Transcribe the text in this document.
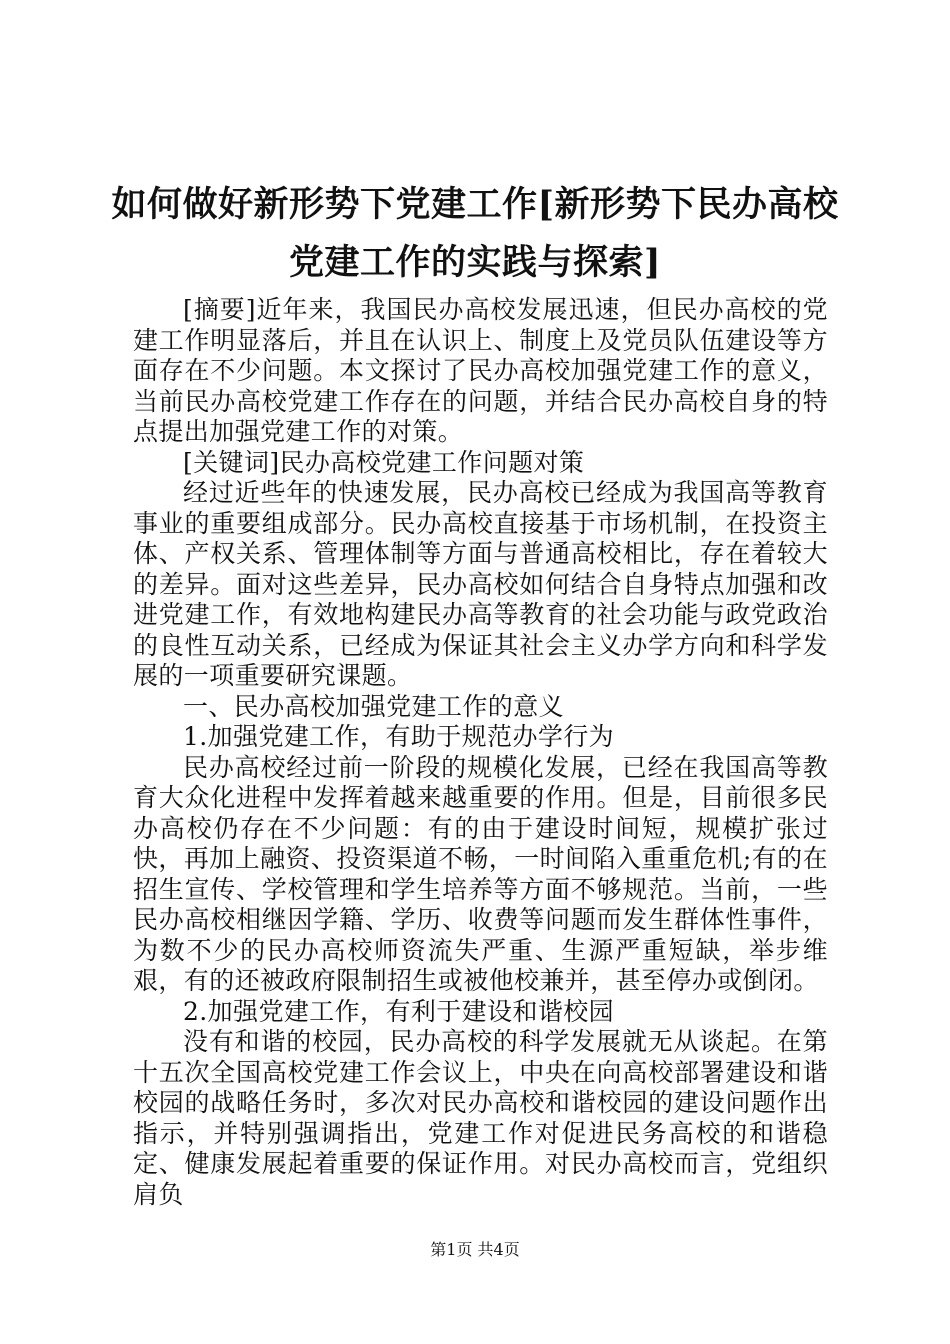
如何做好新形势下党建工作[新形势下民办高校党建工作的实践与探索]

[摘要]近年来，我国民办高校发展迅速，但民办高校的党建工作明显落后，并且在认识上、制度上及党员队伍建设等方面存在不少问题。本文探讨了民办高校加强党建工作的意义，当前民办高校党建工作存在的问题，并结合民办高校自身的特点提出加强党建工作的对策。

[关键词]民办高校党建工作问题对策

经过近些年的快速发展，民办高校已经成为我国高等教育事业的重要组成部分。民办高校直接基于市场机制，在投资主体、产权关系、管理体制等方面与普通高校相比，存在着较大的差异。面对这些差异，民办高校如何结合自身特点加强和改进党建工作，有效地构建民办高等教育的社会功能与政党政治的良性互动关系，已经成为保证其社会主义办学方向和科学发展的一项重要研究课题。

一、民办高校加强党建工作的意义

1.加强党建工作，有助于规范办学行为

民办高校经过前一阶段的规模化发展，已经在我国高等教育大众化进程中发挥着越来越重要的作用。但是，目前很多民办高校仍存在不少问题：有的由于建设时间短，规模扩张过快，再加上融资、投资渠道不畅，一时间陷入重重危机;有的在招生宣传、学校管理和学生培养等方面不够规范。当前，一些民办高校相继因学籍、学历、收费等问题而发生群体性事件，为数不少的民办高校师资流失严重、生源严重短缺，举步维艰，有的还被政府限制招生或被他校兼并，甚至停办或倒闭。

2.加强党建工作，有利于建设和谐校园

没有和谐的校园，民办高校的科学发展就无从谈起。在第十五次全国高校党建工作会议上，中央在向高校部署建设和谐校园的战略任务时，多次对民办高校和谐校园的建设问题作出指示，并特别强调指出，党建工作对促进民务高校的和谐稳定、健康发展起着重要的保证作用。对民办高校而言，党组织肩负

第1页 共4页
